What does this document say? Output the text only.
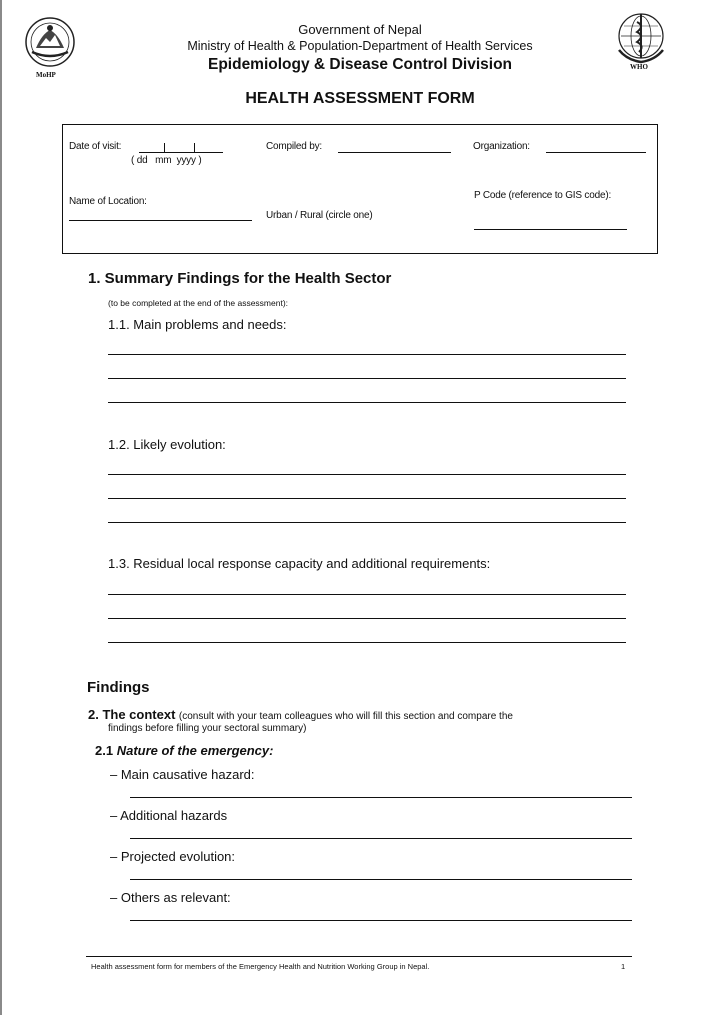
MoHP
WHO
Government of Nepal
Ministry of Health & Population-Department of Health Services
Epidemiology & Disease Control Division
HEALTH ASSESSMENT FORM
Date of visit:
( dd   mm  yyyy )
Compiled by:	Organization:
Name of Location:
Urban / Rural (circle one)
P Code (reference to GIS code):
1. Summary Findings for the Health Sector
(to be completed at the end of the assessment):
1.1. Main problems and needs:
1.2. Likely evolution:
1.3. Residual local response capacity and additional requirements:
Findings
2. The context (consult with your team colleagues who will fill this section and compare the
findings before filling your sectoral summary)
2.1 Nature of the emergency:
– Main causative hazard:
– Additional hazards
– Projected evolution:
– Others as relevant:
Health assessment form for members of the Emergency Health and Nutrition Working Group in Nepal.	1
